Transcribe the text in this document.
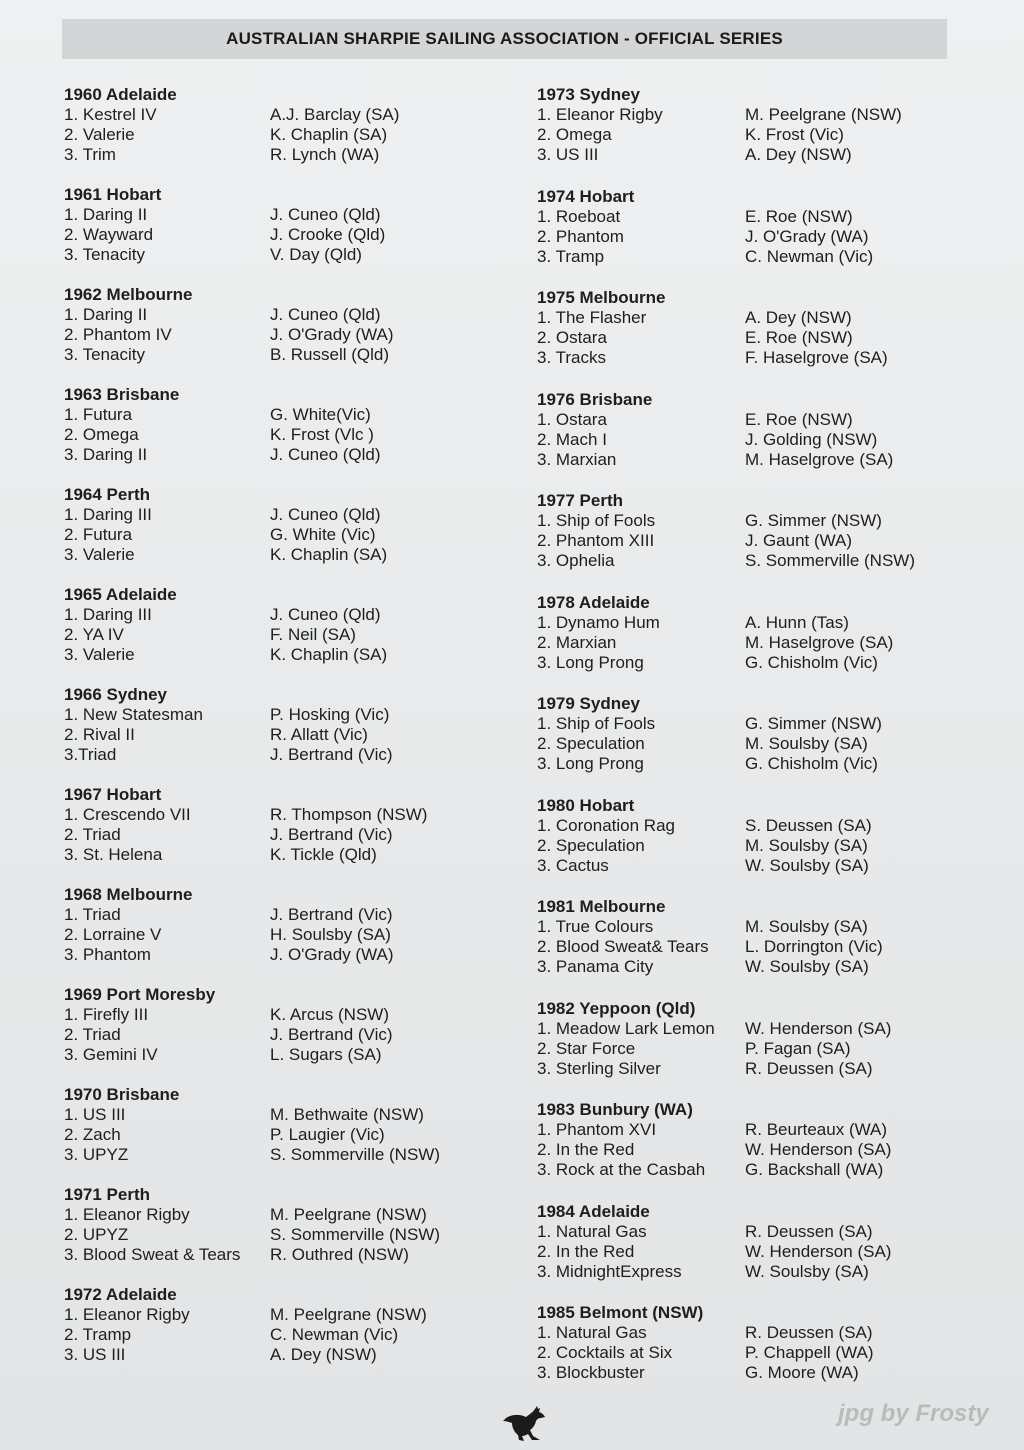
AUSTRALIAN SHARPIE SAILING ASSOCIATION - OFFICIAL SERIES
1960 Adelaide
1. Kestrel IV	A.J. Barclay (SA)
2. Valerie	K. Chaplin (SA)
3. Trim	R. Lynch (WA)
1961 Hobart
1. Daring II	J. Cuneo (Qld)
2. Wayward	J. Crooke (Qld)
3. Tenacity	V. Day (Qld)
1962 Melbourne
1. Daring II	J. Cuneo (Qld)
2. Phantom IV	J. O'Grady (WA)
3. Tenacity	B. Russell (Qld)
1963 Brisbane
1. Futura	G. White(Vic)
2. Omega	K. Frost (Vlc )
3. Daring II	J. Cuneo (Qld)
1964 Perth
1. Daring III	J. Cuneo (Qld)
2. Futura	G. White (Vic)
3. Valerie	K. Chaplin (SA)
1965 Adelaide
1. Daring III	J. Cuneo (Qld)
2. YA IV	F. Neil (SA)
3. Valerie	K. Chaplin (SA)
1966 Sydney
1. New Statesman	P. Hosking (Vic)
2. Rival II	R. Allatt (Vic)
3.Triad	J. Bertrand (Vic)
1967 Hobart
1. Crescendo VII	R. Thompson (NSW)
2. Triad	J. Bertrand (Vic)
3. St. Helena	K. Tickle (Qld)
1968 Melbourne
1. Triad	J. Bertrand (Vic)
2. Lorraine V	H. Soulsby (SA)
3. Phantom	J. O'Grady (WA)
1969 Port Moresby
1. Firefly III	K. Arcus (NSW)
2. Triad	J. Bertrand (Vic)
3. Gemini IV	L. Sugars (SA)
1970 Brisbane
1. US III	M. Bethwaite (NSW)
2. Zach	P. Laugier (Vic)
3. UPYZ	S. Sommerville (NSW)
1971 Perth
1. Eleanor Rigby	M. Peelgrane (NSW)
2. UPYZ	S. Sommerville (NSW)
3. Blood Sweat & Tears	R. Outhred (NSW)
1972 Adelaide
1. Eleanor Rigby	M. Peelgrane (NSW)
2. Tramp	C. Newman (Vic)
3. US III	A. Dey (NSW)
1973 Sydney
1. Eleanor Rigby	M. Peelgrane (NSW)
2. Omega	K. Frost (Vic)
3. US III	A. Dey (NSW)
1974 Hobart
1. Roeboat	E. Roe (NSW)
2. Phantom	J. O'Grady (WA)
3. Tramp	C. Newman (Vic)
1975 Melbourne
1. The Flasher	A. Dey (NSW)
2. Ostara	E. Roe (NSW)
3. Tracks	F. Haselgrove (SA)
1976 Brisbane
1. Ostara	E. Roe (NSW)
2. Mach I	J. Golding (NSW)
3. Marxian	M. Haselgrove (SA)
1977 Perth
1. Ship of Fools	G. Simmer (NSW)
2. Phantom XIII	J. Gaunt (WA)
3. Ophelia	S. Sommerville (NSW)
1978 Adelaide
1. Dynamo Hum	A. Hunn (Tas)
2. Marxian	M. Haselgrove (SA)
3. Long Prong	G. Chisholm (Vic)
1979 Sydney
1. Ship of Fools	G. Simmer (NSW)
2. Speculation	M. Soulsby (SA)
3. Long Prong	G. Chisholm (Vic)
1980 Hobart
1. Coronation Rag	S. Deussen (SA)
2. Speculation	M. Soulsby (SA)
3. Cactus	W. Soulsby (SA)
1981 Melbourne
1. True Colours	M. Soulsby (SA)
2. Blood Sweat& Tears	L. Dorrington (Vic)
3. Panama City	W. Soulsby (SA)
1982 Yeppoon (Qld)
1. Meadow Lark Lemon	W. Henderson (SA)
2. Star Force	P. Fagan (SA)
3. Sterling Silver	R. Deussen (SA)
1983 Bunbury (WA)
1. Phantom XVI	R. Beurteaux (WA)
2. In the Red	W. Henderson (SA)
3. Rock at the Casbah	G. Backshall (WA)
1984 Adelaide
1. Natural Gas	R. Deussen (SA)
2. In the Red	W. Henderson (SA)
3. MidnightExpress	W. Soulsby (SA)
1985 Belmont (NSW)
1. Natural Gas	R. Deussen (SA)
2. Cocktails at Six	P. Chappell (WA)
3. Blockbuster	G. Moore (WA)
jpg by Frosty
